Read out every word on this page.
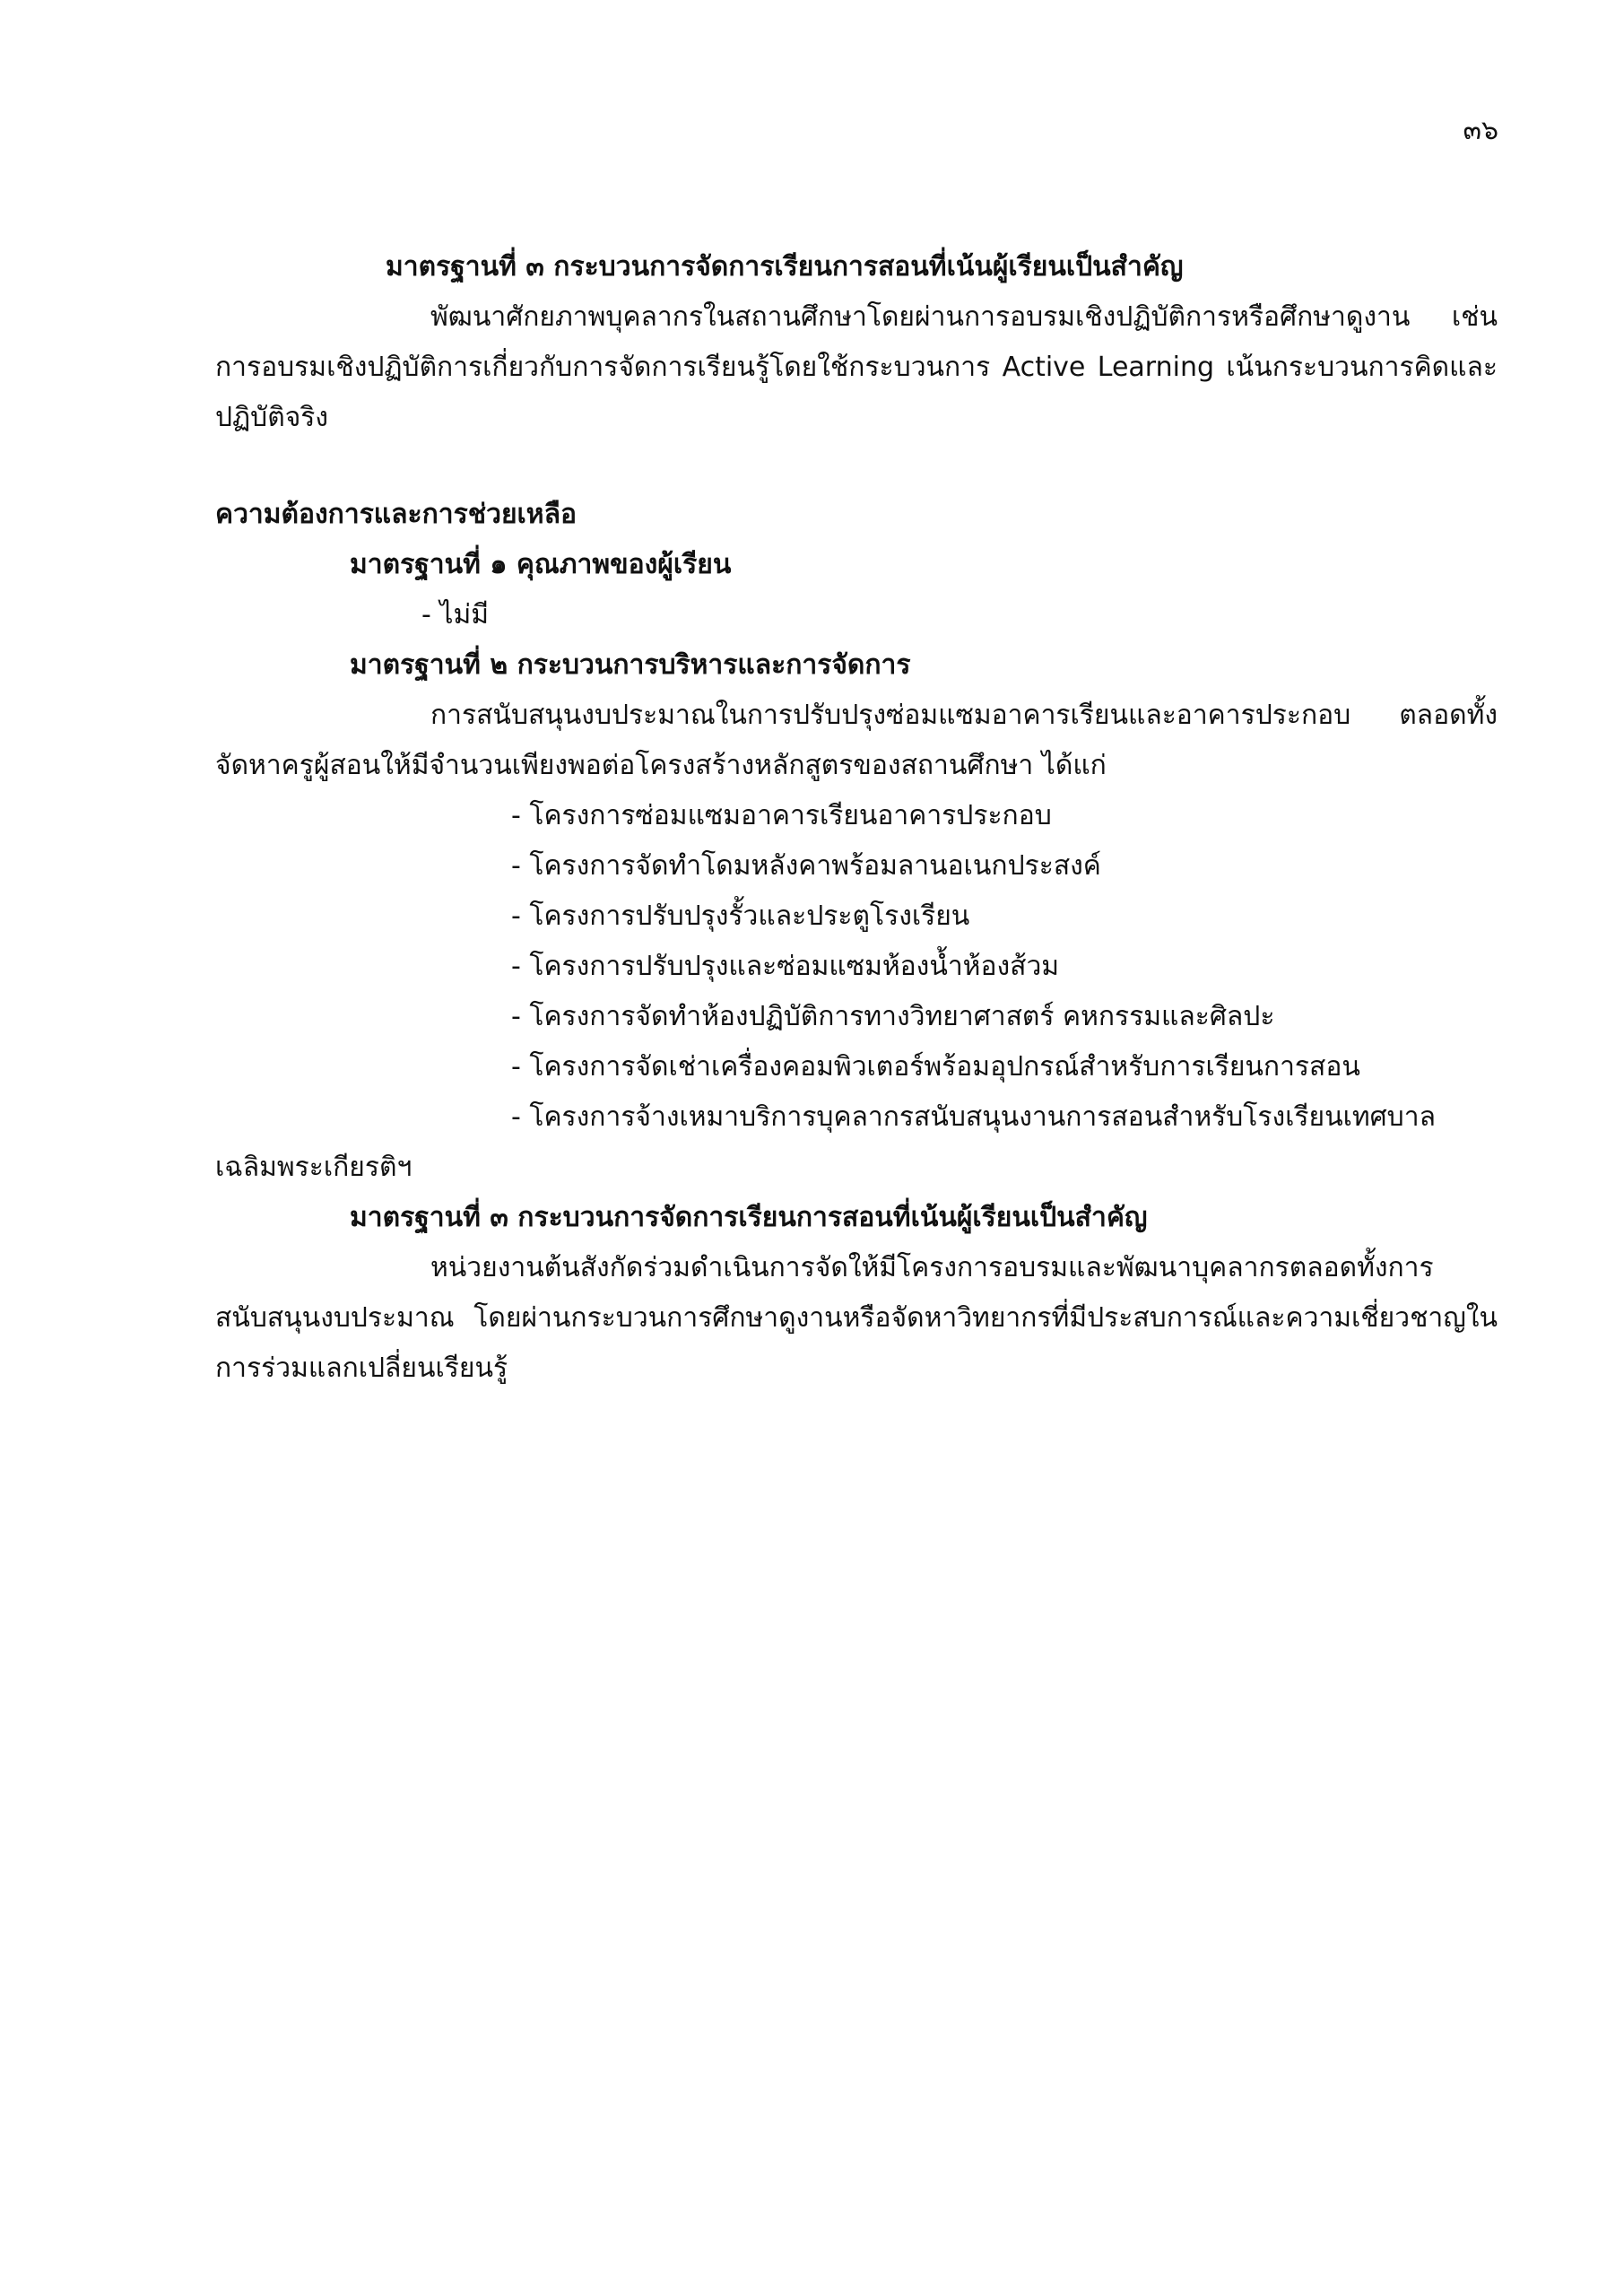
๓๖

มาตรฐานที่ ๓ กระบวนการจัดการเรียนการสอนที่เน้นผู้เรียนเป็นสำคัญ

พัฒนาศักยภาพบุคลากรในสถานศึกษาโดยผ่านการอบรมเชิงปฏิบัติการหรือศึกษาดูงาน เช่น การอบรมเชิงปฏิบัติการเกี่ยวกับการจัดการเรียนรู้โดยใช้กระบวนการ Active Learning เน้นกระบวนการคิดและปฏิบัติจริง

ความต้องการและการช่วยเหลือ

มาตรฐานที่ ๑ คุณภาพของผู้เรียน

- ไม่มี

มาตรฐานที่ ๒ กระบวนการบริหารและการจัดการ

การสนับสนุนงบประมาณในการปรับปรุงซ่อมแซมอาคารเรียนและอาคารประกอบ ตลอดทั้งจัดหาครูผู้สอนให้มีจำนวนเพียงพอต่อโครงสร้างหลักสูตรของสถานศึกษา ได้แก่

- โครงการซ่อมแซมอาคารเรียนอาคารประกอบ
- โครงการจัดทำโดมหลังคาพร้อมลานอเนกประสงค์
- โครงการปรับปรุงรั้วและประตูโรงเรียน
- โครงการปรับปรุงและซ่อมแซมห้องน้ำห้องส้วม
- โครงการจัดทำห้องปฏิบัติการทางวิทยาศาสตร์ คหกรรมและศิลปะ
- โครงการจัดเช่าเครื่องคอมพิวเตอร์พร้อมอุปกรณ์สำหรับการเรียนการสอน
- โครงการจ้างเหมาบริการบุคลากรสนับสนุนงานการสอนสำหรับโรงเรียนเทศบาล

เฉลิมพระเกียรติฯ

มาตรฐานที่ ๓ กระบวนการจัดการเรียนการสอนที่เน้นผู้เรียนเป็นสำคัญ

หน่วยงานต้นสังกัดร่วมดำเนินการจัดให้มีโครงการอบรมและพัฒนาบุคลากรตลอดทั้งการสนับสนุนงบประมาณ โดยผ่านกระบวนการศึกษาดูงานหรือจัดหาวิทยากรที่มีประสบการณ์และความเชี่ยวชาญในการร่วมแลกเปลี่ยนเรียนรู้
